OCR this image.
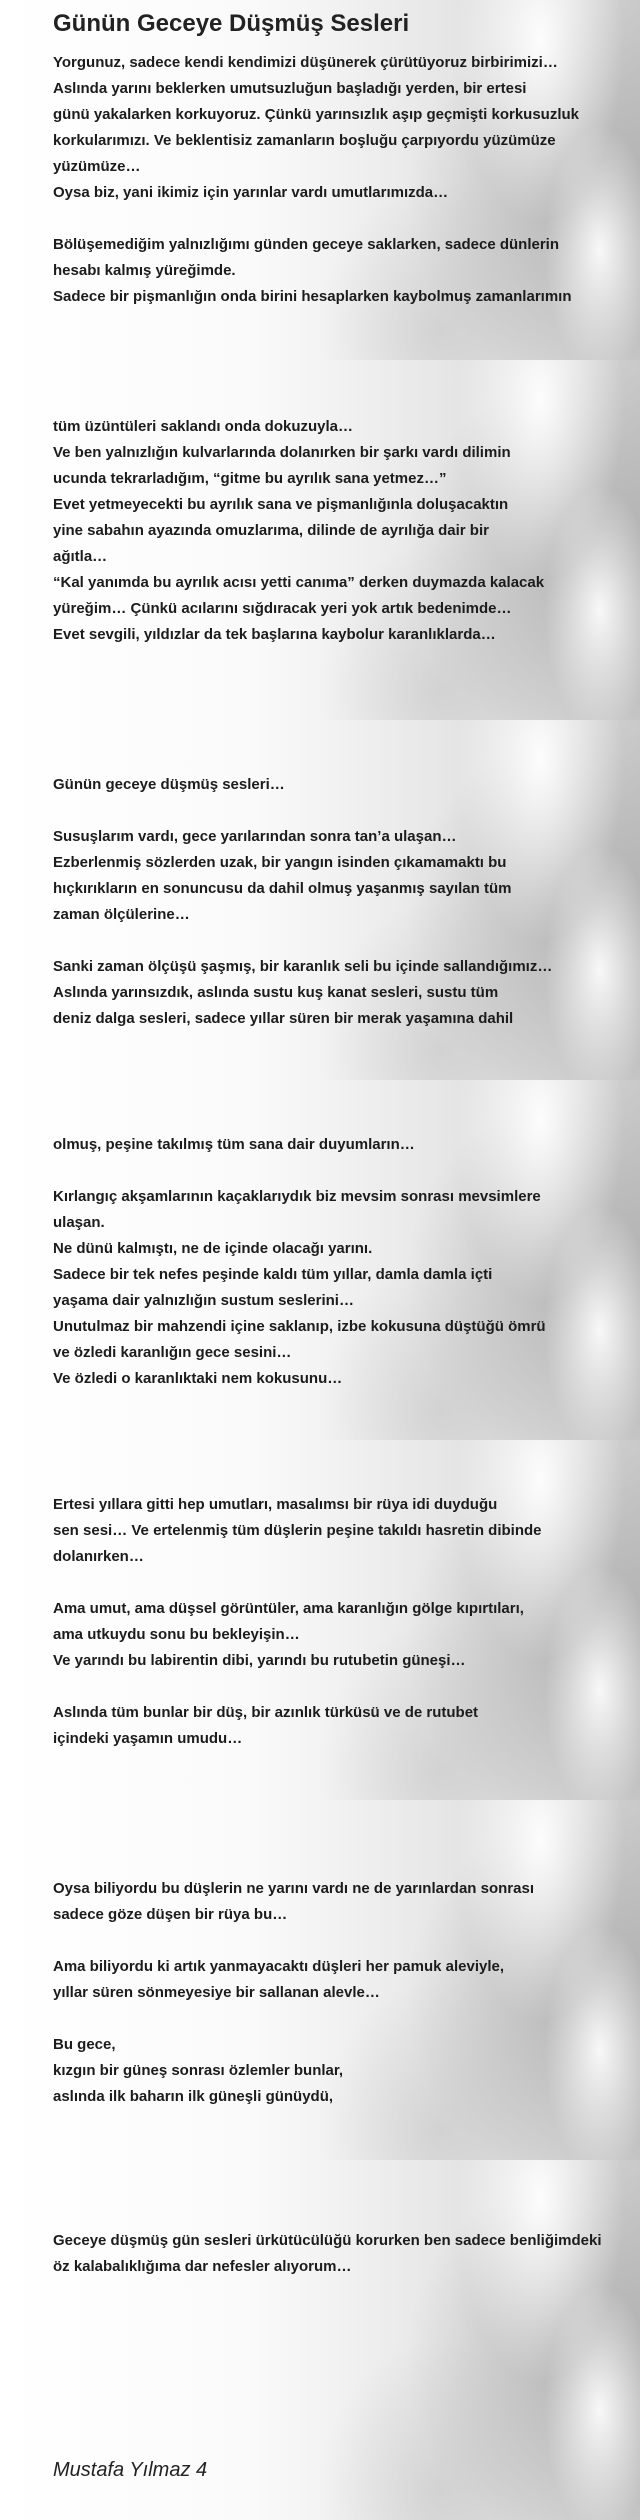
Günün Geceye Düşmüş Sesleri
Yorgunuz, sadece kendi kendimizi düşünerek çürütüyoruz birbirimizi…
Aslında yarını beklerken umutsuzluğun başladığı yerden, bir ertesi
günü yakalarken korkuyoruz. Çünkü yarınsızlık aşıp geçmişti korkusuzluk
korkularımızı. Ve beklentisiz zamanların boşluğu çarpıyordu yüzümüze
yüzümüze…
Oysa biz, yani ikimiz için yarınlar vardı umutlarımızda…
Bölüşemediğim yalnızlığımı günden geceye saklarken, sadece dünlerin
hesabı kalmış yüreğimde.
Sadece bir pişmanlığın onda birini hesaplarken kaybolmuş zamanlarımın
tüm üzüntüleri saklandı onda dokuzuyla…
Ve ben yalnızlığın kulvarlarında dolanırken bir şarkı vardı dilimin
ucunda tekrarladığım, “gitme bu ayrılık sana yetmez…”
Evet yetmeyecekti bu ayrılık sana ve pişmanlığınla doluşacaktın
yine sabahın ayazında omuzlarıma, dilinde de ayrılığa dair bir
ağıtla…
“Kal yanımda bu ayrılık acısı yetti canıma” derken duymazda kalacak
yüreğim… Çünkü acılarını sığdıracak yeri yok artık bedenimde…
Evet sevgili, yıldızlar da tek başlarına kaybolur karanlıklarda…
Günün geceye düşmüş sesleri…
Susuşlarım vardı, gece yarılarından sonra tan’a ulaşan…
Ezberlenmiş sözlerden uzak, bir yangın isinden çıkamamaktı bu
hıçkırıkların en sonuncusu da dahil olmuş yaşanmış sayılan tüm
zaman ölçülerine…
Sanki zaman ölçüşü şaşmış, bir karanlık seli bu içinde sallandığımız…
Aslında yarınsızdık, aslında sustu kuş kanat sesleri, sustu tüm
deniz dalga sesleri, sadece yıllar süren bir merak yaşamına dahil
olmuş, peşine takılmış tüm sana dair duyumların…
Kırlangıç akşamlarının kaçaklarıydık biz mevsim sonrası mevsimlere
ulaşan.
Ne dünü kalmıştı, ne de içinde olacağı yarını.
Sadece bir tek nefes peşinde kaldı tüm yıllar, damla damla içti
yaşama dair yalnızlığın sustum seslerini…
Unutulmaz bir mahzendi içine saklanıp, izbe kokusuna düştüğü ömrü
ve özledi karanlığın gece sesini…
Ve özledi o karanlıktaki nem kokusunu…
Ertesi yıllara gitti hep umutları, masalımsı bir rüya idi duyduğu
sen sesi… Ve ertelenmiş tüm düşlerin peşine takıldı hasretin dibinde
dolanırken…
Ama umut, ama düşsel görüntüler, ama karanlığın gölge kıpırtıları,
ama utkuydu sonu bu bekleyişin…
Ve yarındı bu labirentin dibi, yarındı bu rutubetin güneşi…
Aslında tüm bunlar bir düş, bir azınlık türküsü ve de rutubet
içindeki yaşamın umudu…
Oysa biliyordu bu düşlerin ne yarını vardı ne de yarınlardan sonrası
sadece göze düşen bir rüya bu…
Ama biliyordu ki artık yanmayacaktı düşleri her pamuk aleviyle,
yıllar süren sönmeyesiye bir sallanan alevle…
Bu gece,
kızgın bir güneş sonrası özlemler bunlar,
aslında ilk baharın ilk güneşli günüydü,
Geceye düşmüş gün sesleri ürkütücülüğü korurken ben sadece benliğimdeki
öz kalabalıklığıma dar nefesler alıyorum…
Mustafa Yılmaz 4
